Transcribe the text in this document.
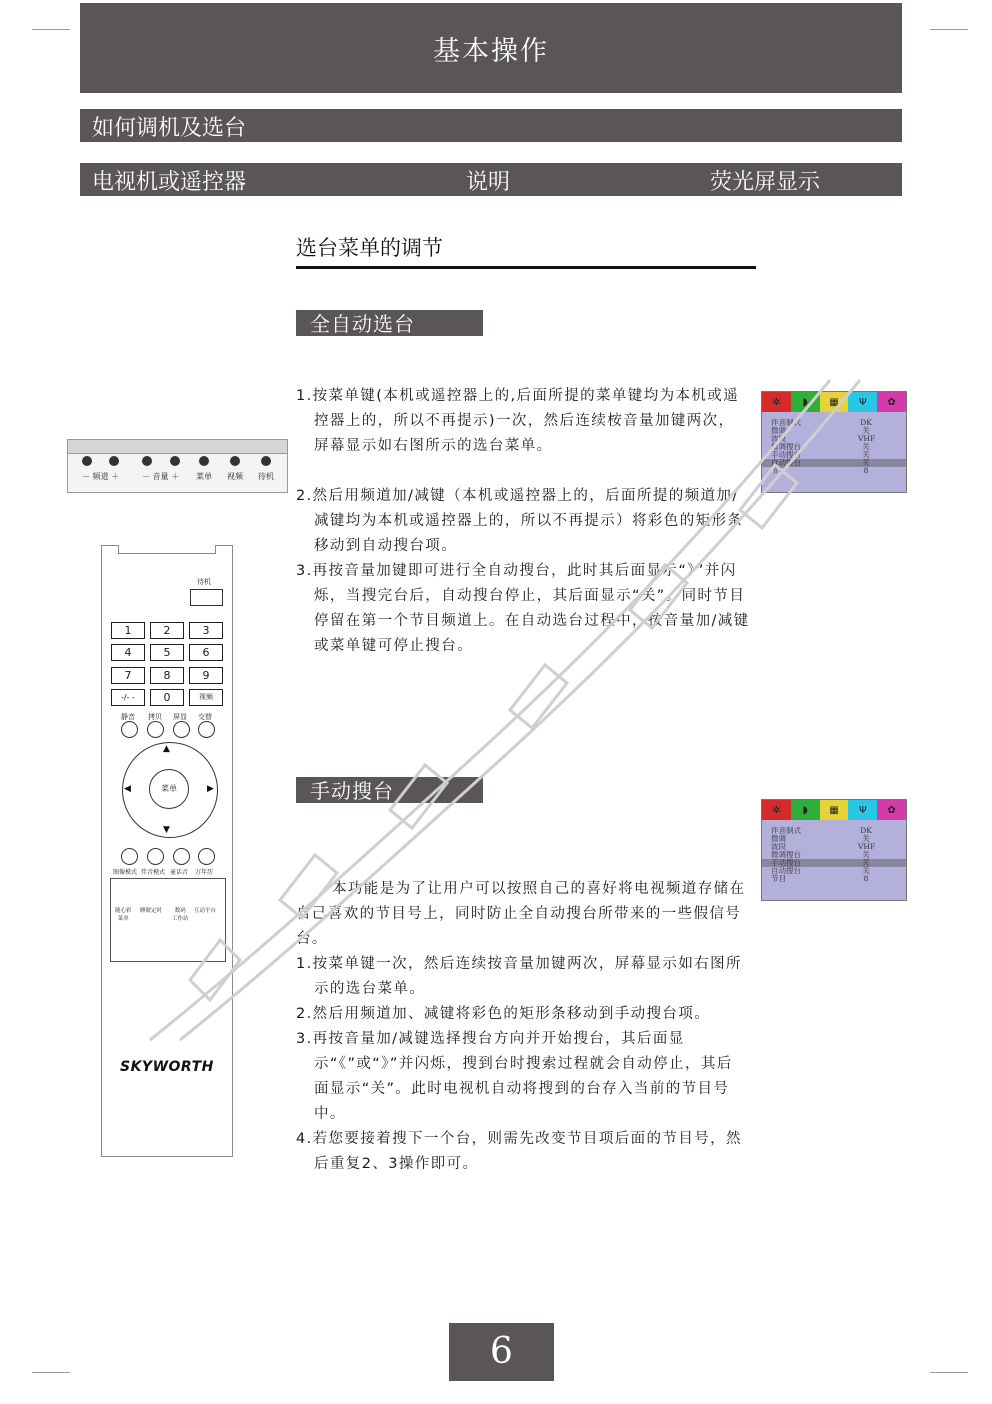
基本操作
如何调机及选台
电视机或遥控器	说明	荧光屏显示
选台菜单的调节
全自动选台

1.按菜单键(本机或遥控器上的,后面所提的菜单键均为本机或遥控器上的，所以不再提示)一次，然后连续桉音量加键两次，屏幕显示如右图所示的选台菜单。

2.然后用频道加/减键（本机或遥控器上的，后面所提的频道加/减键均为本机或遥控器上的，所以不再提示）将彩色的矩形条移动到自动搜台项。

3.再按音量加键即可进行全自动搜台，此时其后面显示“》”并闪烁，当搜完台后，自动搜台停止，其后面显示“关”。同时节目停留在第一个节目频道上。在自动选台过程中，按音量加/减键或菜单键可停止搜台。

手动搜台

本功能是为了让用户可以按照自己的喜好将电视频道存储在自己喜欢的节目号上，同时防止全自动搜台所带来的一些假信号台。

1.按菜单键一次，然后连续按音量加键两次，屏幕显示如右图所示的选台菜单。

2.然后用频道加、减键将彩色的矩形条移动到手动搜台项。

3.再按音量加/减键选择搜台方向并开始搜台，其后面显示“《”或“》”并闪烁，搜到台时搜索过程就会自动停止，其后面显示“关”。此时电视机自动将搜到的台存入当前的节目号中。

4.若您要接着搜下一个台，则需先改变节目项后面的节目号，然后重复2、3操作即可。

✲	◗	▦	Ψ	✿
伴音制式	DK
微调	关
波段	VHF
微调搜台	关
手动搜台	关
自动搜台	关
节目	8
✲	◗	▦	Ψ	✿
伴音制式	DK
微调	关
波段	VHF
微调搜台	关
手动搜台	关
自动搜台	关
节目	8
－ 频道 ＋	－ 音量 ＋ 菜单 视频 待机
待机
1	2	3
4	5	6
7	8	9
-/- -	0	视频
静音 拷贝 屏显 交替
▲
▼
◀	▶
菜单
图像模式 伴音模式 童话音 万年历
随心彩
菜单
睡眠定时	数码
工作站
互动平台
SKYWORTH
6
